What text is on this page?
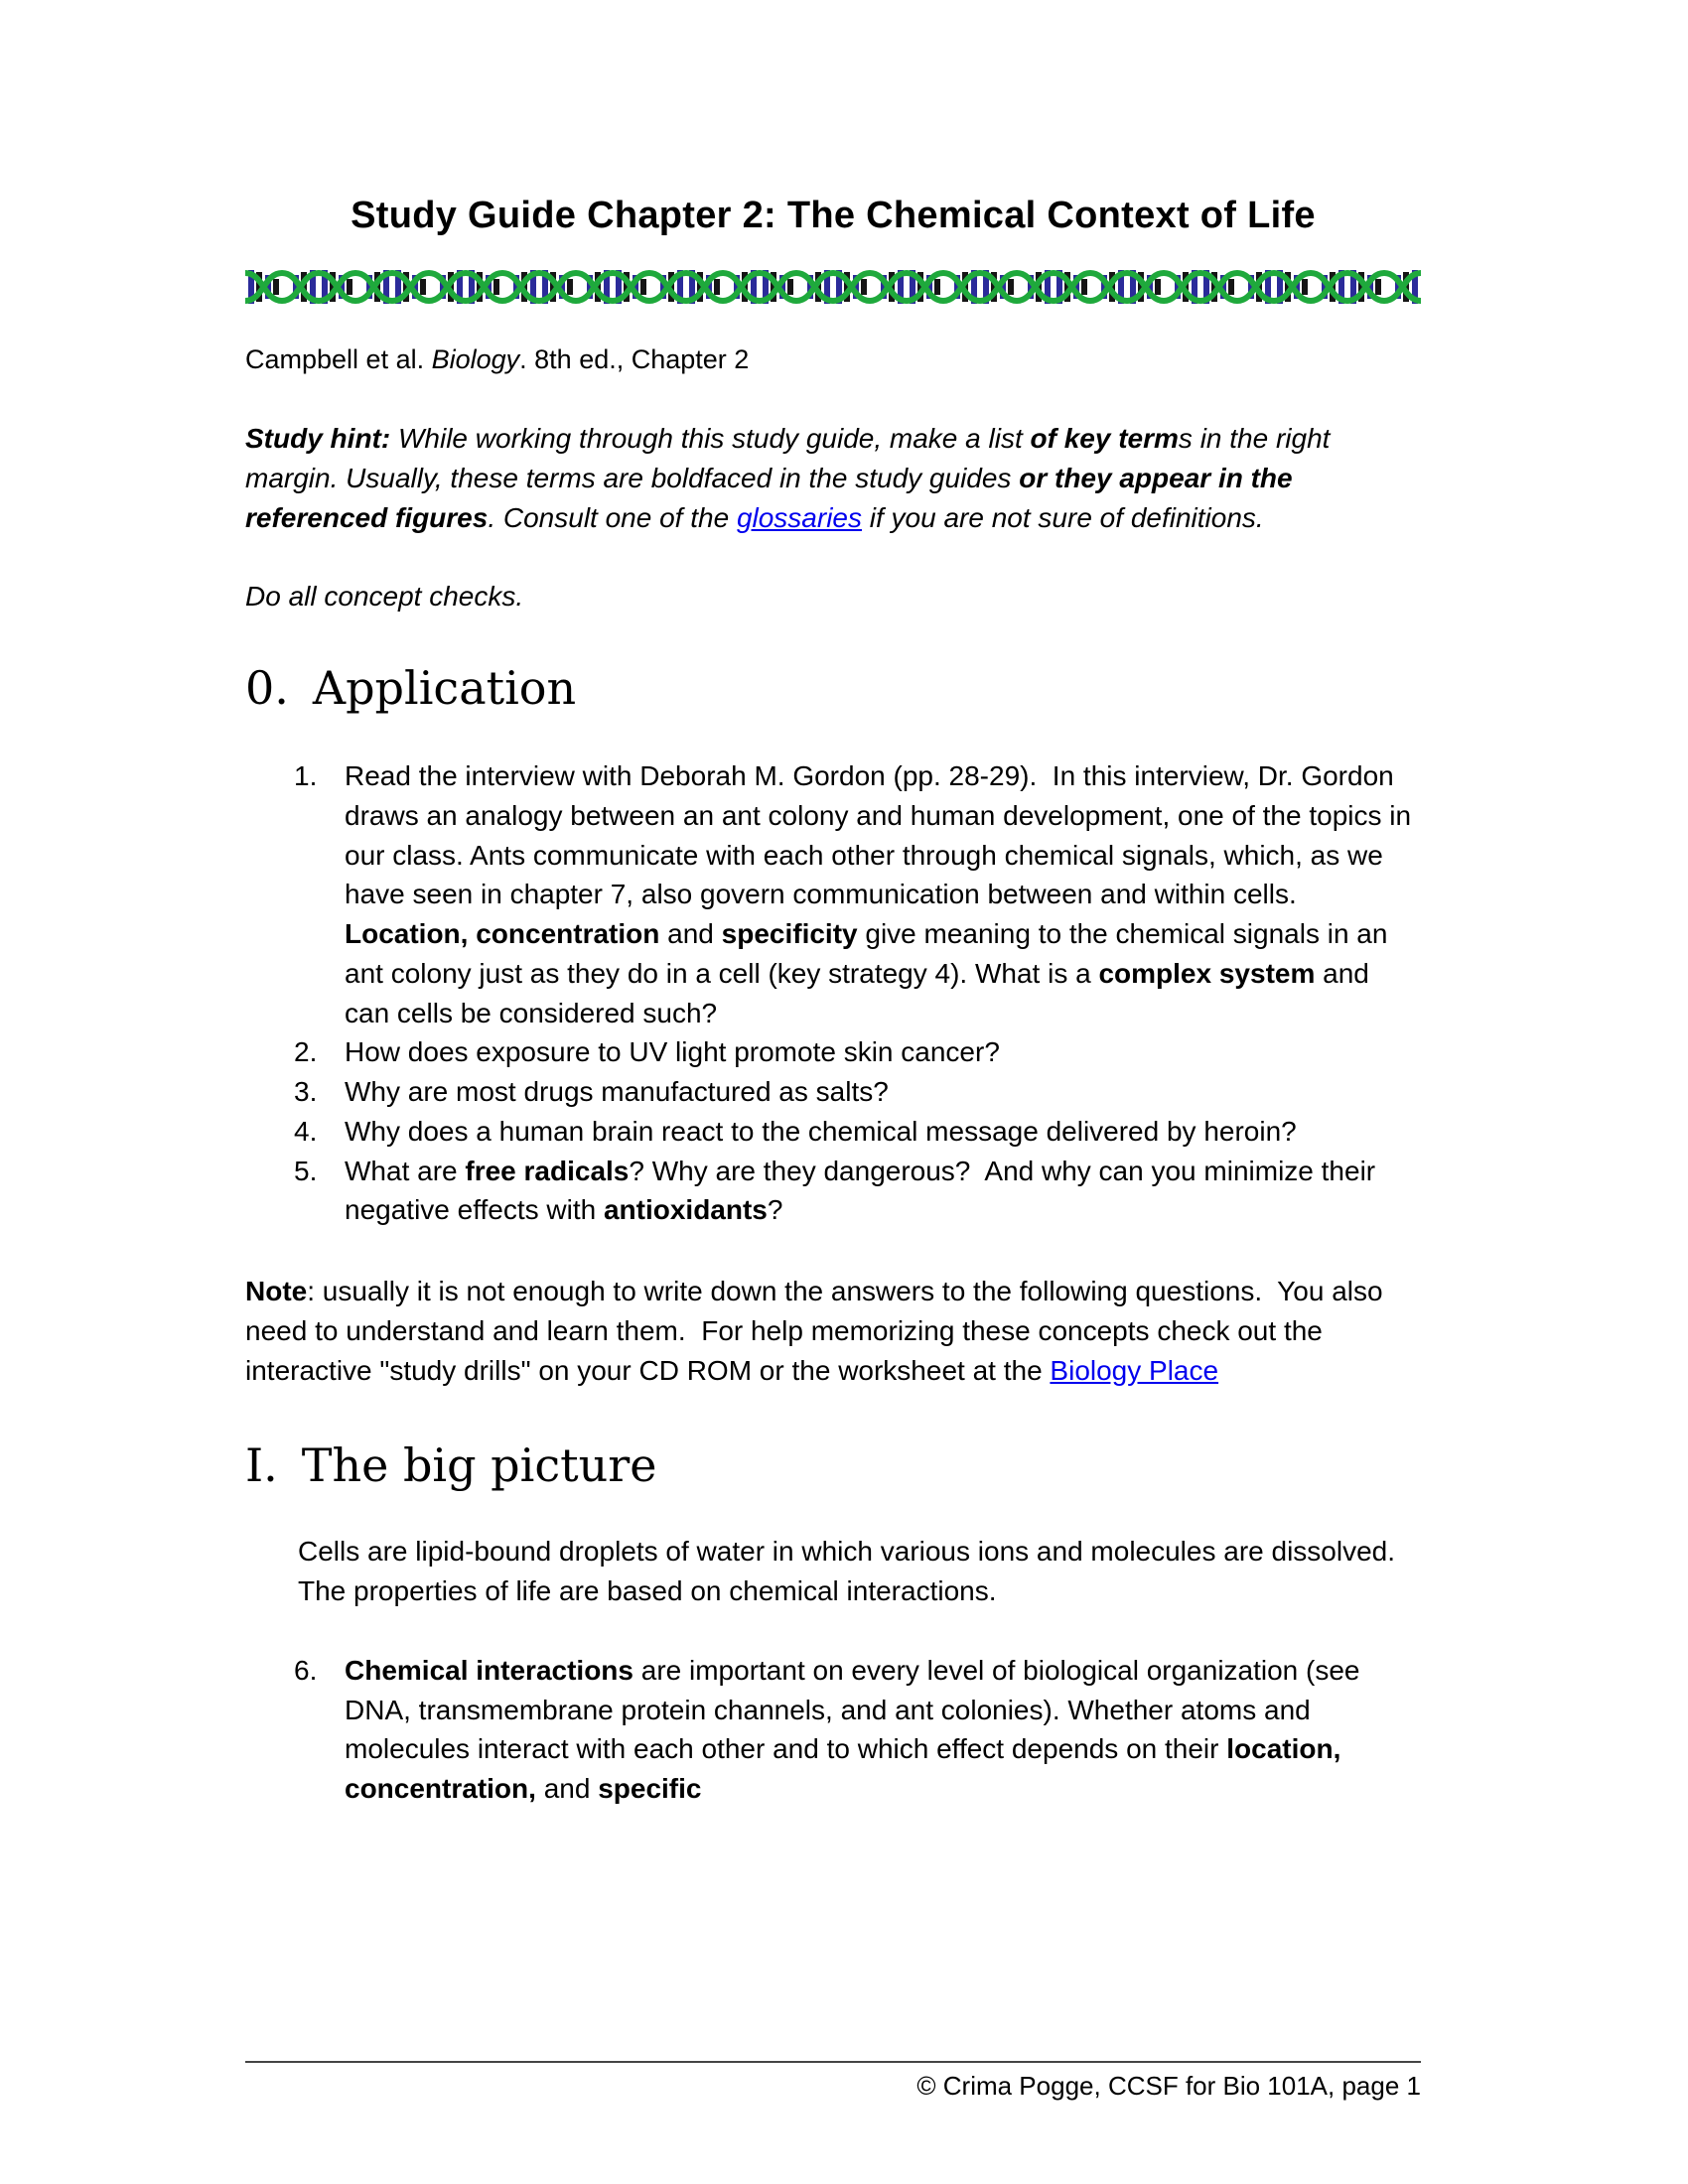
Study Guide Chapter 2: The Chemical Context of Life
Campbell et al. Biology. 8th ed., Chapter 2

Study hint: While working through this study guide, make a list of key terms in the right margin. Usually, these terms are boldfaced in the study guides or they appear in the referenced figures. Consult one of the glossaries if you are not sure of definitions.

Do all concept checks.

0. Application
1. Read the interview with Deborah M. Gordon (pp. 28-29).  In this interview, Dr. Gordon draws an analogy between an ant colony and human development, one of the topics in our class. Ants communicate with each other through chemical signals, which, as we have seen in chapter 7, also govern communication between and within cells. Location, concentration and specificity give meaning to the chemical signals in an ant colony just as they do in a cell (key strategy 4). What is a complex system and can cells be considered such?
2. How does exposure to UV light promote skin cancer?
3. Why are most drugs manufactured as salts?
4. Why does a human brain react to the chemical message delivered by heroin?
5. What are free radicals? Why are they dangerous?  And why can you minimize their negative effects with antioxidants?

Note: usually it is not enough to write down the answers to the following questions.  You also need to understand and learn them.  For help memorizing these concepts check out the interactive "study drills" on your CD ROM or the worksheet at the Biology Place

I. The big picture

Cells are lipid-bound droplets of water in which various ions and molecules are dissolved.  The properties of life are based on chemical interactions.

6. Chemical interactions are important on every level of biological organization (see DNA, transmembrane protein channels, and ant colonies). Whether atoms and molecules interact with each other and to which effect depends on their location, concentration, and specific
© Crima Pogge, CCSF for Bio 101A, page 1
